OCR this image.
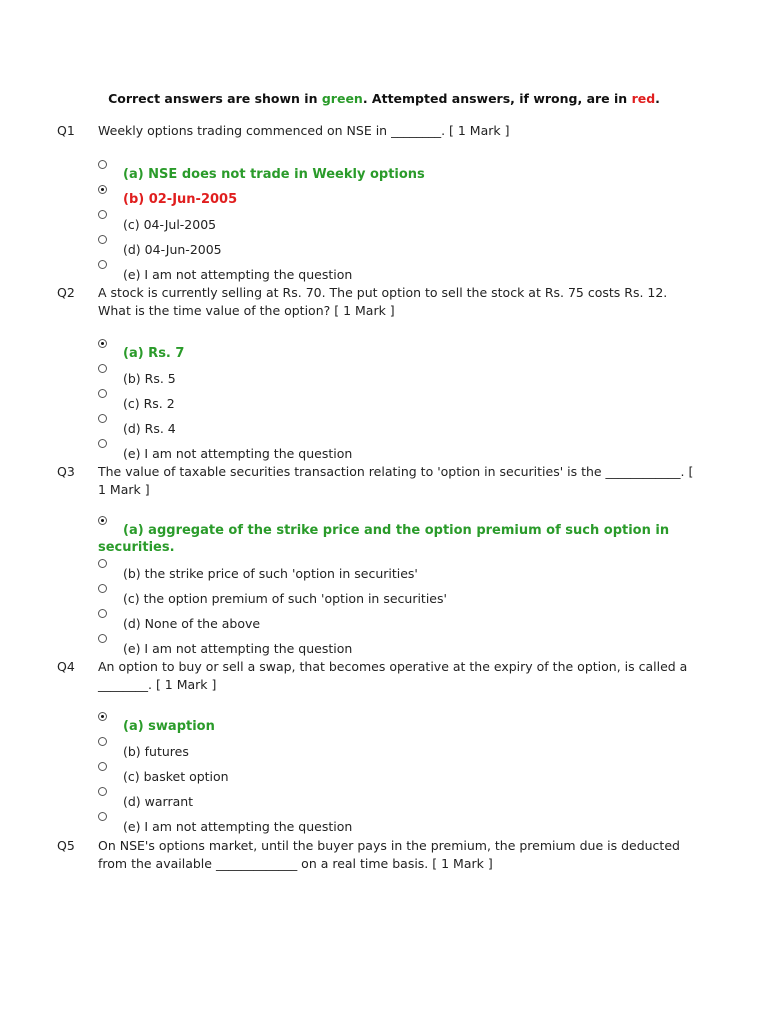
Correct answers are shown in green. Attempted answers, if wrong, are in red.
Q1 Weekly options trading commenced on NSE in ________. [ 1 Mark ]
(a) NSE does not trade in Weekly options
(b) 02-Jun-2005
(c) 04-Jul-2005
(d) 04-Jun-2005
(e) I am not attempting the question
Q2 A stock is currently selling at Rs. 70. The put option to sell the stock at Rs. 75 costs Rs. 12. What is the time value of the option? [ 1 Mark ]
(a) Rs. 7
(b) Rs. 5
(c) Rs. 2
(d) Rs. 4
(e) I am not attempting the question
Q3 The value of taxable securities transaction relating to 'option in securities' is the ____________. [ 1 Mark ]
(a) aggregate of the strike price and the option premium of such option in securities.
(b) the strike price of such 'option in securities'
(c) the option premium of such 'option in securities'
(d) None of the above
(e) I am not attempting the question
Q4 An option to buy or sell a swap, that becomes operative at the expiry of the option, is called a ________. [ 1 Mark ]
(a) swaption
(b) futures
(c) basket option
(d) warrant
(e) I am not attempting the question
Q5 On NSE's options market, until the buyer pays in the premium, the premium due is deducted from the available _____________ on a real time basis. [ 1 Mark ]
